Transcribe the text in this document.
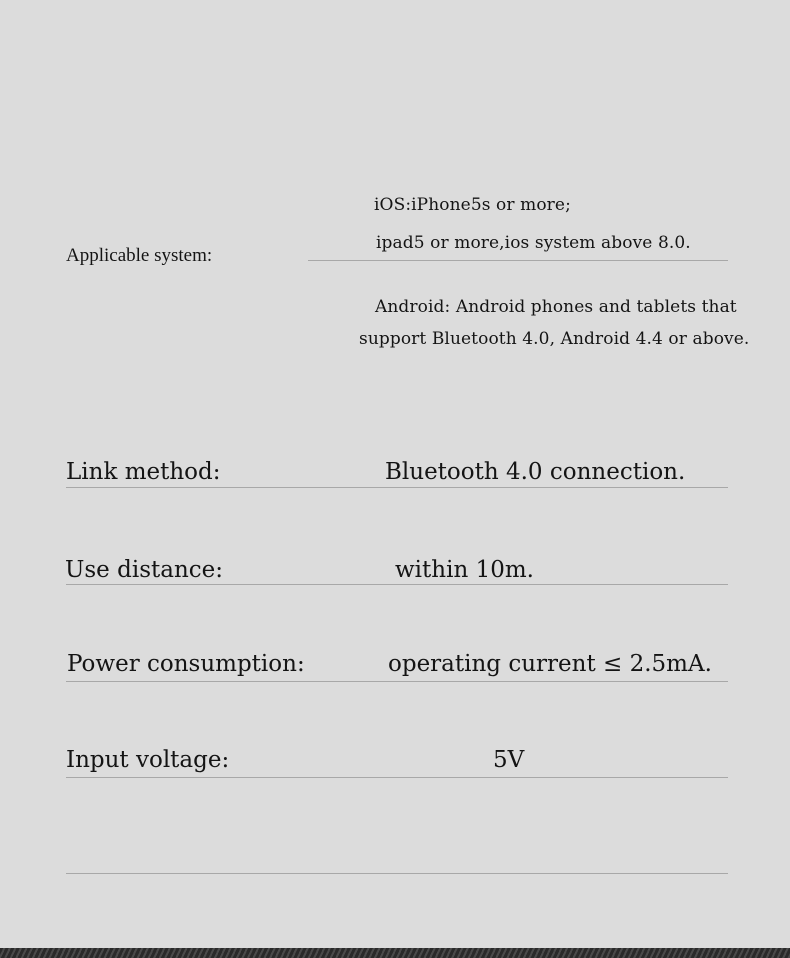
Applicable system:
iOS:iPhone5s or more;
ipad5 or more,ios system above 8.0.
Android: Android phones and tablets that
support Bluetooth 4.0, Android 4.4 or above.
Link method:	Bluetooth 4.0 connection.
Use distance:	within 10m.
Power consumption:	operating current ≤ 2.5mA.
Input voltage:	5V
